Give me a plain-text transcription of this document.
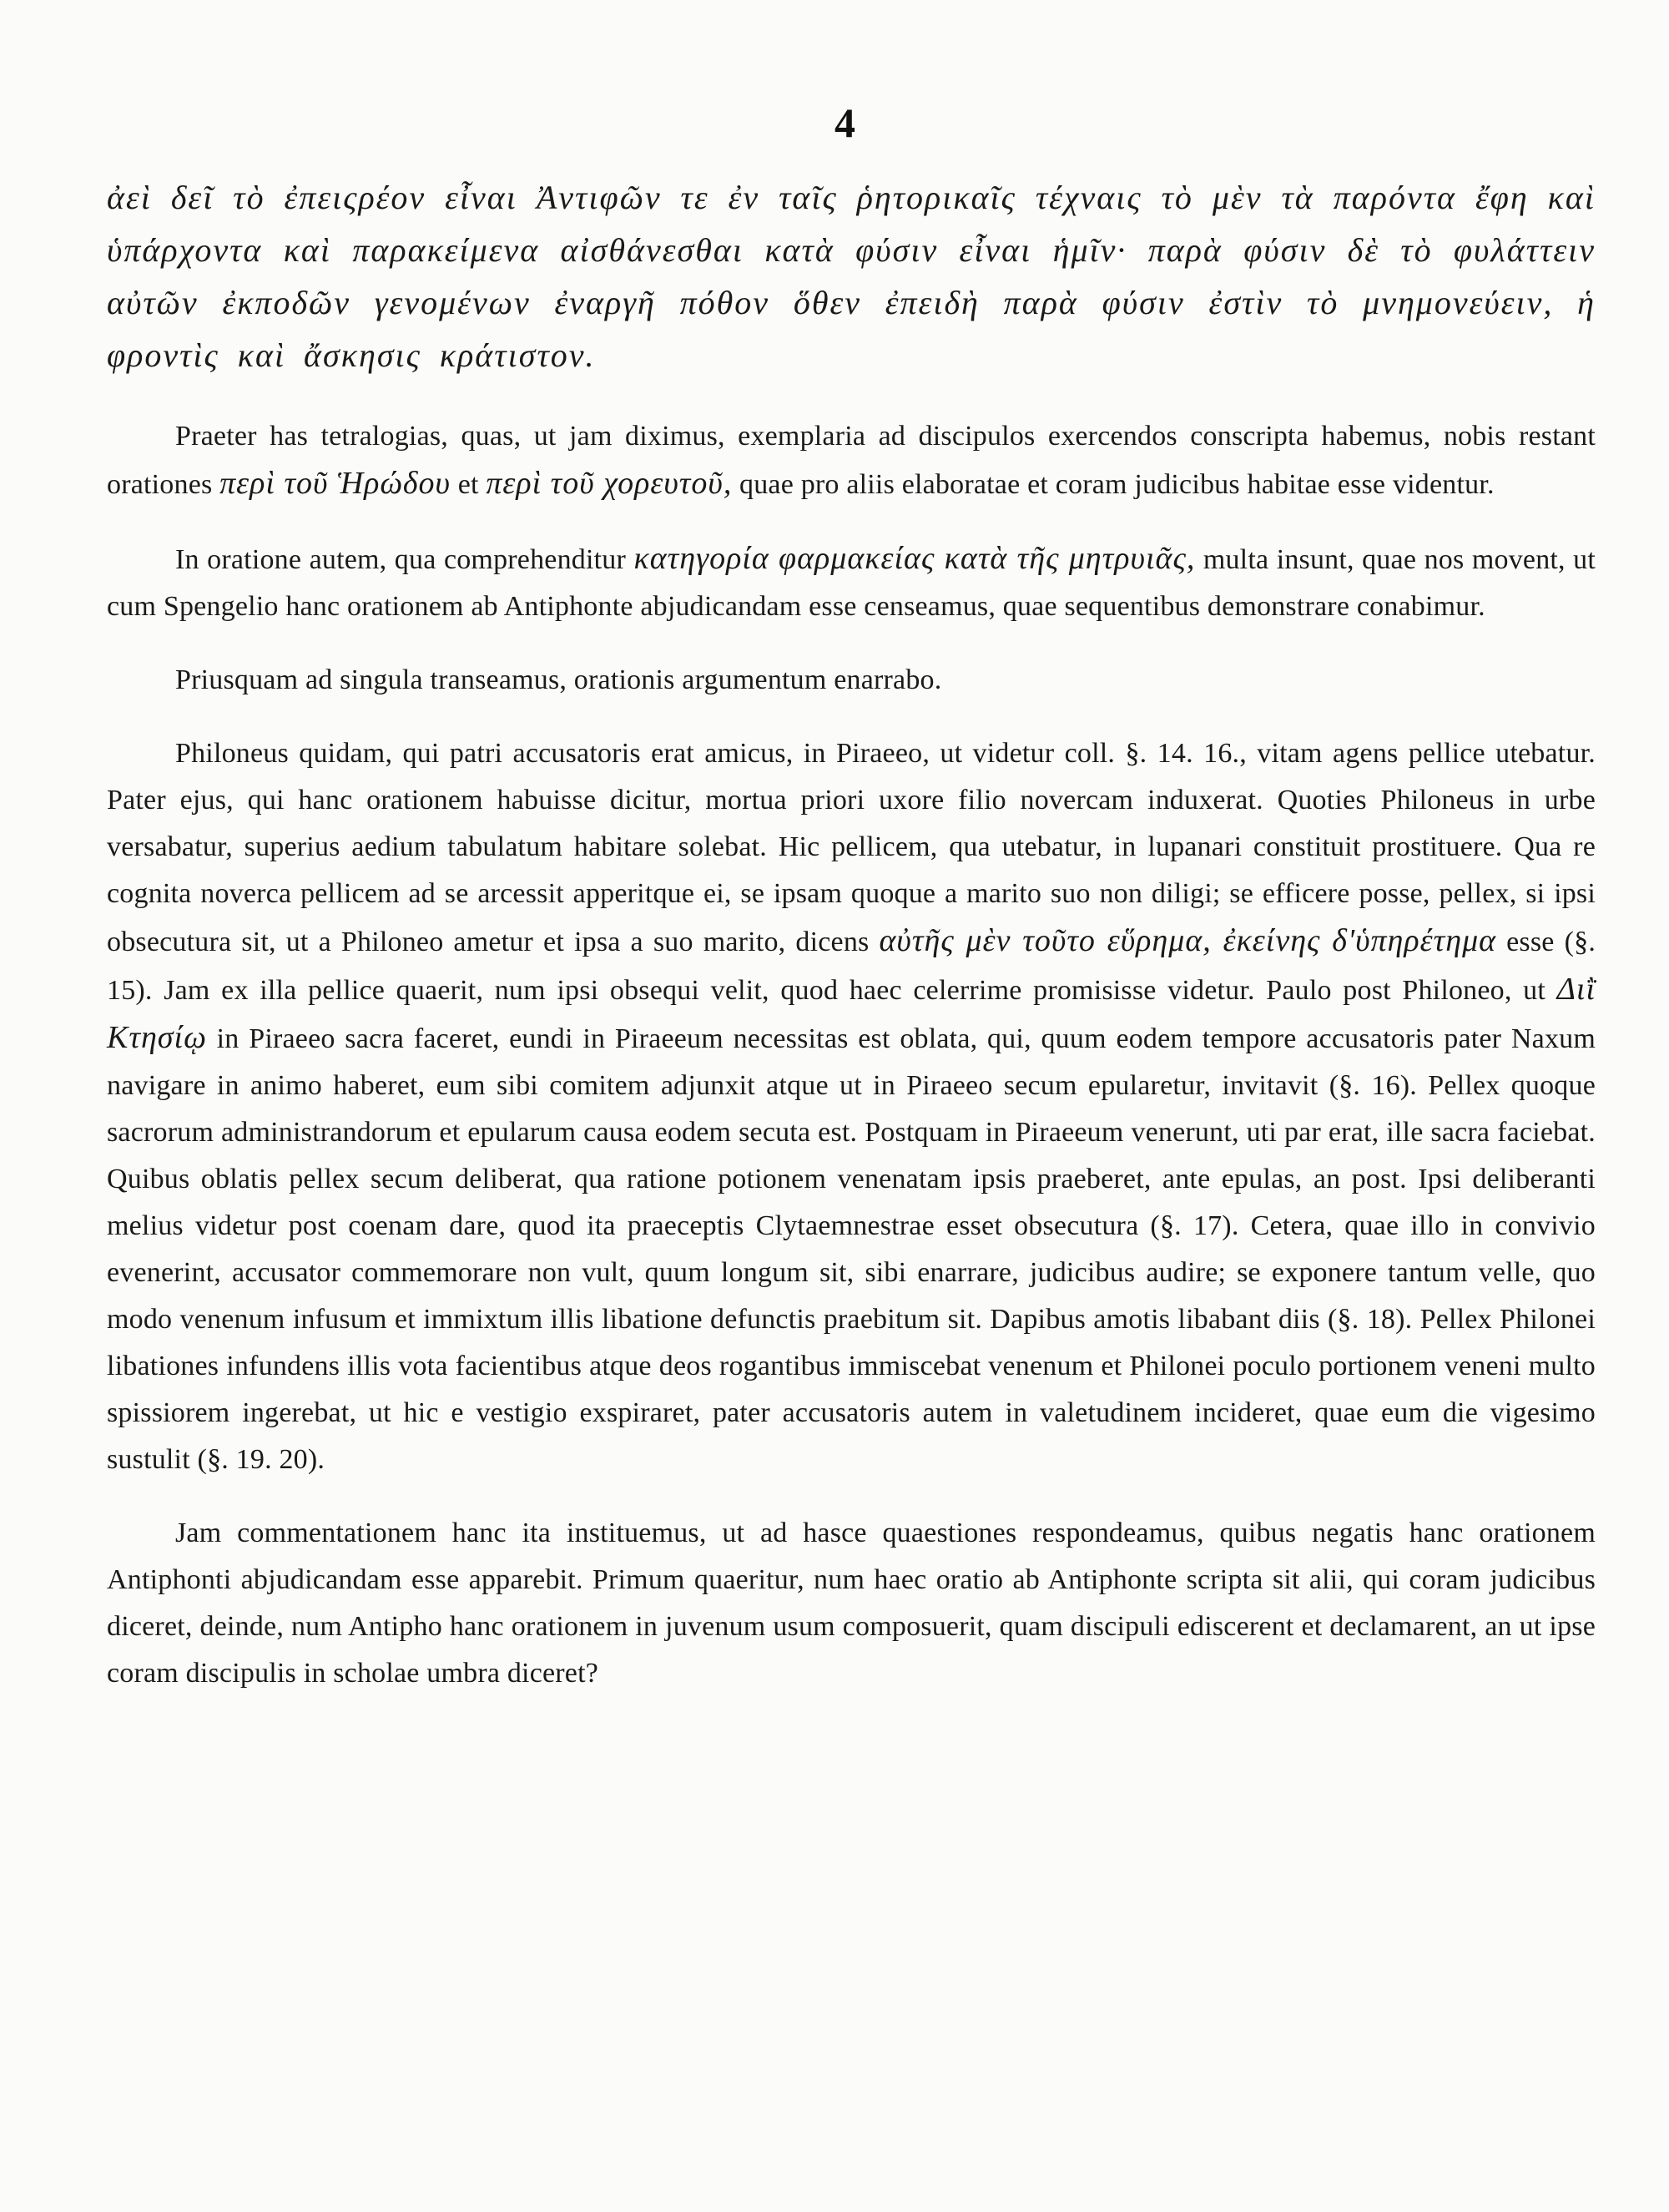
4

ἀεὶ δεῖ τὸ ἐπειςρέον εἶναι Ἀντιφῶν τε ἐν ταῖς ῥητορικαῖς τέχναις τὸ μὲν τὰ παρόντα ἔφη καὶ ὑπάρχοντα καὶ παρακείμενα αἰσθάνεσθαι κατὰ φύσιν εἶναι ἡμῖν· παρὰ φύσιν δὲ τὸ φυλάττειν αὐτῶν ἐκποδῶν γενομένων ἐναργῆ πόθον ὅθεν ἐπειδὴ παρὰ φύσιν ἐστὶν τὸ μνημονεύειν, ἡ φροντὶς καὶ ἄσκησις κράτιστον.

Praeter has tetralogias, quas, ut jam diximus, exemplaria ad discipulos exercendos conscripta habemus, nobis restant orationes περὶ τοῦ Ἡρώδου et περὶ τοῦ χορευτοῦ, quae pro aliis elaboratae et coram judicibus habitae esse videntur.

In oratione autem, qua comprehenditur κατηγορία φαρμακείας κατὰ τῆς μητρυιᾶς, multa insunt, quae nos movent, ut cum Spengelio hanc orationem ab Antiphonte abjudicandam esse censeamus, quae sequentibus demonstrare conabimur.

Priusquam ad singula transeamus, orationis argumentum enarrabo.

Philoneus quidam, qui patri accusatoris erat amicus, in Piraeeo, ut videtur coll. §. 14. 16., vitam agens pellice utebatur. Pater ejus, qui hanc orationem habuisse dicitur, mortua priori uxore filio novercam induxerat. Quoties Philoneus in urbe versabatur, superius aedium tabulatum habitare solebat. Hic pellicem, qua utebatur, in lupanari constituit prostituere. Qua re cognita noverca pellicem ad se arcessit apperitque ei, se ipsam quoque a marito suo non diligi; se efficere posse, pellex, si ipsi obsecutura sit, ut a Philoneo ametur et ipsa a suo marito, dicens αὐτῆς μὲν τοῦτο εὕρημα, ἐκείνης δ'ὑπηρέτημα esse (§. 15). Jam ex illa pellice quaerit, num ipsi obsequi velit, quod haec celerrime promisisse videtur. Paulo post Philoneo, ut Διῒ Κτησίῳ in Piraeeo sacra faceret, eundi in Piraeeum necessitas est oblata, qui, quum eodem tempore accusatoris pater Naxum navigare in animo haberet, eum sibi comitem adjunxit atque ut in Piraeeo secum epularetur, invitavit (§. 16). Pellex quoque sacrorum administrandorum et epularum causa eodem secuta est. Postquam in Piraeeum venerunt, uti par erat, ille sacra faciebat. Quibus oblatis pellex secum deliberat, qua ratione potionem venenatam ipsis praeberet, ante epulas, an post. Ipsi deliberanti melius videtur post coenam dare, quod ita praeceptis Clytaemnestrae esset obsecutura (§. 17). Cetera, quae illo in convivio evenerint, accusator commemorare non vult, quum longum sit, sibi enarrare, judicibus audire; se exponere tantum velle, quo modo venenum infusum et immixtum illis libatione defunctis praebitum sit. Dapibus amotis libabant diis (§. 18). Pellex Philonei libationes infundens illis vota facientibus atque deos rogantibus immiscebat venenum et Philonei poculo portionem veneni multo spissiorem ingerebat, ut hic e vestigio exspiraret, pater accusatoris autem in valetudinem incideret, quae eum die vigesimo sustulit (§. 19. 20).

Jam commentationem hanc ita instituemus, ut ad hasce quaestiones respondeamus, quibus negatis hanc orationem Antiphonti abjudicandam esse apparebit. Primum quaeritur, num haec oratio ab Antiphonte scripta sit alii, qui coram judicibus diceret, deinde, num Antipho hanc orationem in juvenum usum composuerit, quam discipuli ediscerent et declamarent, an ut ipse coram discipulis in scholae umbra diceret?
